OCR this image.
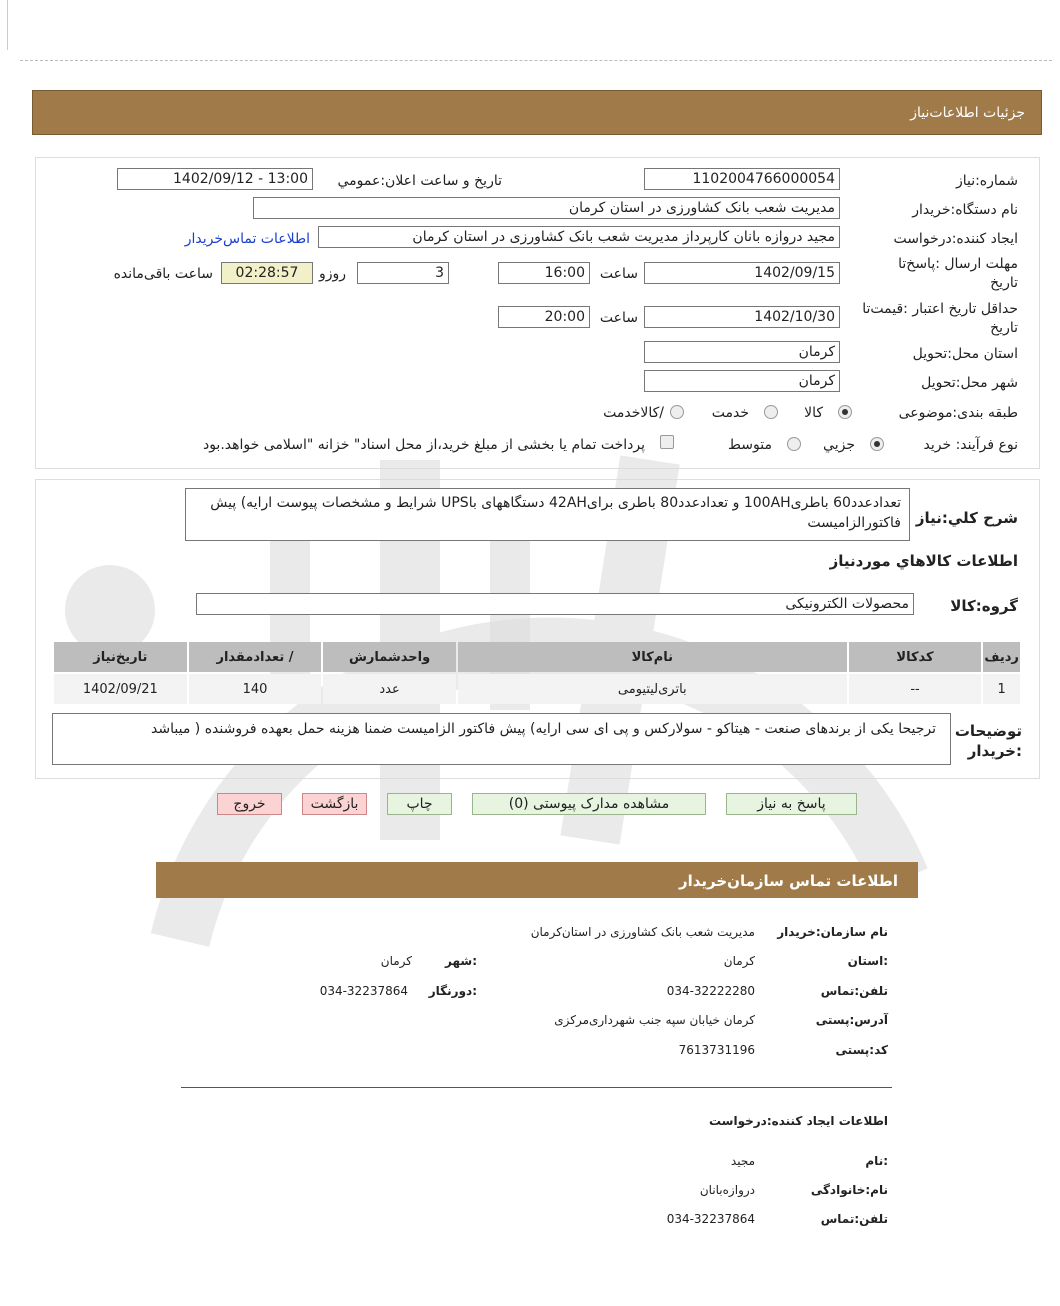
جزئیات اطلاعات‌نیاز
شماره:نیاز
1102004766000054
تاریخ و ساعت اعلان:عمومي
1402/09/12 - 13:00
نام دستگاه:خریدار
مدیریت شعب بانک کشاورزی در استان کرمان
ایجاد کننده:درخواست
مجید دروازه بانان کارپرداز مدیریت شعب بانک کشاورزی در استان کرمان
اطلاعات تماس‌خریدار
مهلت ارسال :پاسخ‌تا
تاریخ
1402/09/15
ساعت
16:00
3
روزو
02:28:57
ساعت باقی‌مانده
حداقل تاریخ اعتبار :قیمت‌تا
تاریخ
1402/10/30
ساعت
20:00
استان محل:تحویل
کرمان
شهر محل:تحویل
کرمان
طبقه بندی:موضوعی
کالا
خدمت
/کالاخدمت
نوع فرآیند: خرید
جزیي
متوسط
پرداخت تمام یا بخشی از مبلغ خرید،از محل اسناد" خزانه "اسلامی خواهد.بود
شرح کلي:نیاز
تعداد‌عدد60 باطری100AH و تعداد‌عدد80 باطری برای42AH دستگاههای باUPS شرایط و مشخصات پیوست ارایه) پیش فاکتورالزامیست
اطلاعات کالاهاي موردنياز
گروه:کالا
محصولات الکترونیکی
ردیف	کدکالا	نام‌کالا	واحدشمارش	/ تعدادمقدار	تاریخ‌نیاز
1	--	باتری‌لیتیومی	عدد	140	1402/09/21
توضیحات
:خریدار
ترجیحا یکی از برندهای صنعت - هیتاکو - سولارکس و پی ای سی ارایه) پیش فاکتور الزامیست ضمنا هزینه حمل بعهده فروشنده ( میباشد
پاسخ به نیاز
مشاهده مدارک پیوستی (0)
چاپ
بازگشت
خروج
اطلاعات تماس سازمان‌خریدار
نام سازمان:خریدار
مدیریت شعب بانک کشاورزی در استان‌کرمان
:استان
کرمان
:شهر
کرمان
تلفن:تماس
034-32222280
:دورنگار
034-32237864
آدرس:پستی
کرمان خیابان سپه جنب شهرداری‌مرکزی
کد:پستی
7613731196
اطلاعات ایجاد کننده:درخواست
:نام
مجید
نام:خانوادگی
دروازه‌بانان
تلفن:تماس
034-32237864
